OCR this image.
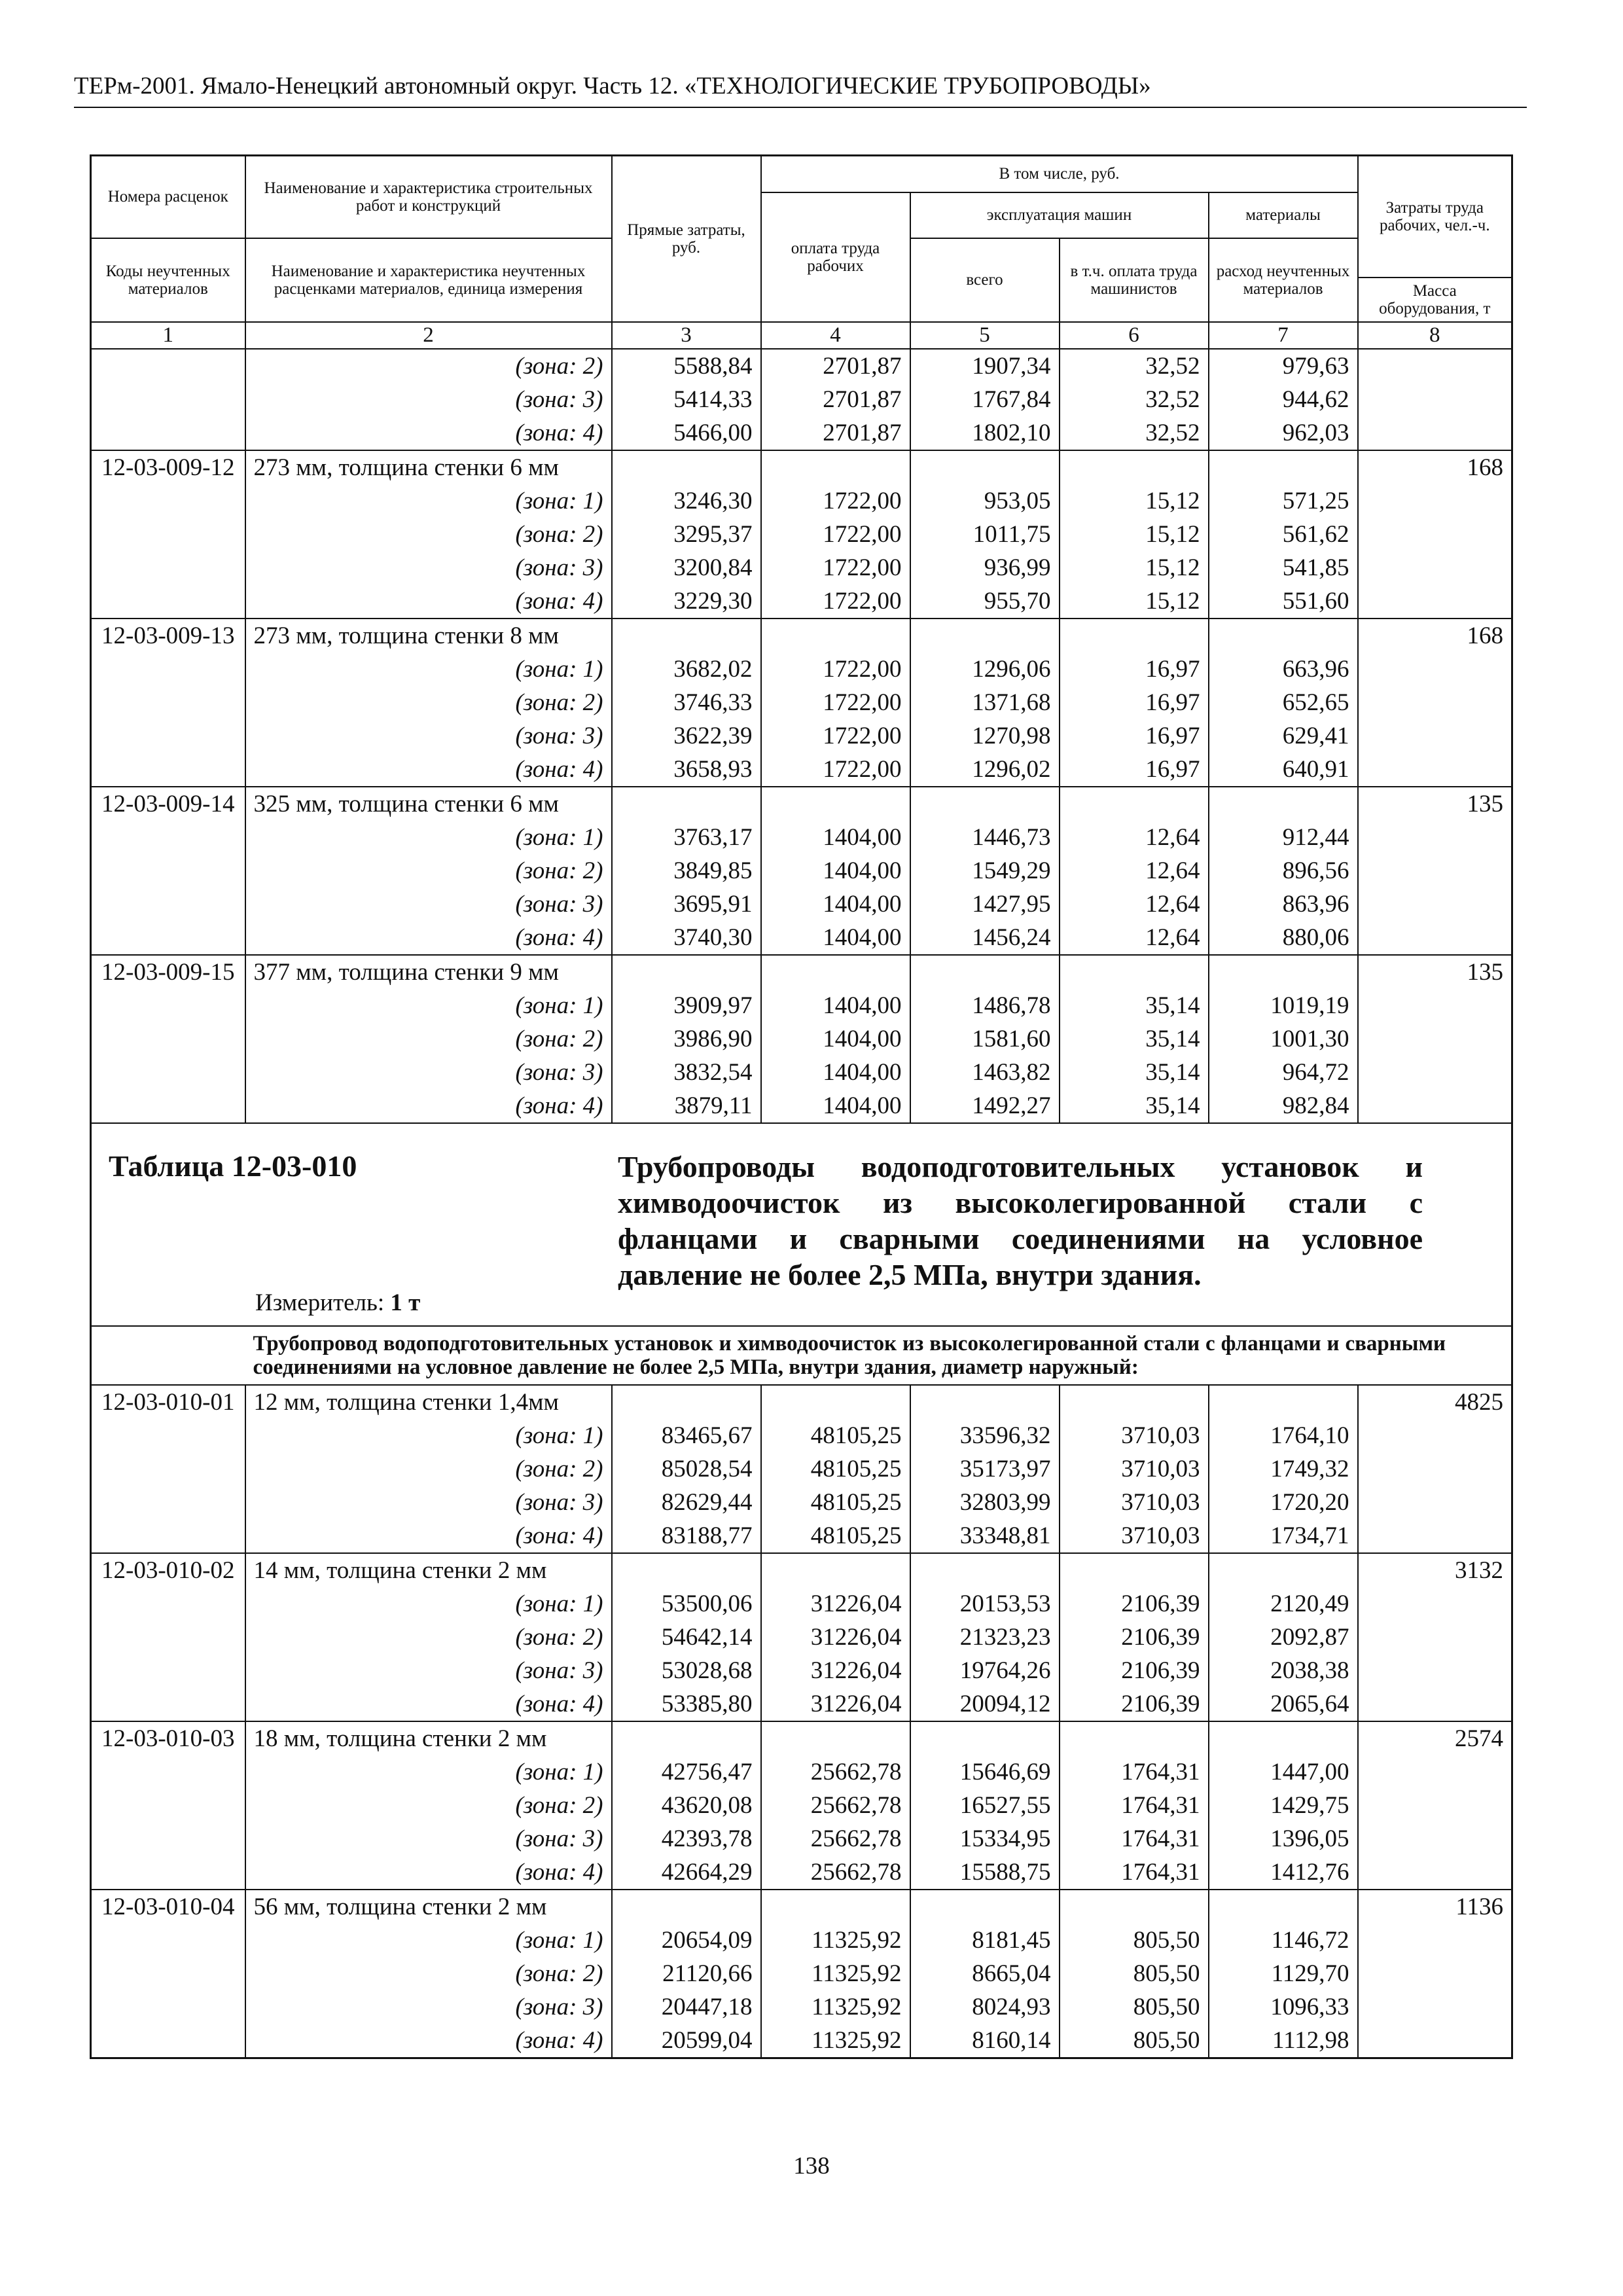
ТЕРм-2001. Ямало-Ненецкий автономный округ. Часть 12. «ТЕХНОЛОГИЧЕСКИЕ ТРУБОПРОВОДЫ»
Номера расценок	Наименование и характеристика строительных работ и конструкций	Прямые затраты, руб.	В том числе, руб.				Затраты труда рабочих, чел.-ч.
			оплата труда рабочих	эксплуатация машин		материалы	
Коды неучтенных материалов	Наименование и характеристика неучтенных расценками материалов, единица измерения			всего	в т.ч. оплата труда машинистов	расход неучтенных материалов	
							Масса оборудования, т
1	2	3	4	5	6	7	8
	(зона: 2)	5588,84	2701,87	1907,34	32,52	979,63	
	(зона: 3)	5414,33	2701,87	1767,84	32,52	944,62	
	(зона: 4)	5466,00	2701,87	1802,10	32,52	962,03	
12-03-009-12	273 мм, толщина стенки 6 мм						168
	(зона: 1)	3246,30	1722,00	953,05	15,12	571,25	
	(зона: 2)	3295,37	1722,00	1011,75	15,12	561,62	
	(зона: 3)	3200,84	1722,00	936,99	15,12	541,85	
	(зона: 4)	3229,30	1722,00	955,70	15,12	551,60	
12-03-009-13	273 мм, толщина стенки 8 мм						168
	(зона: 1)	3682,02	1722,00	1296,06	16,97	663,96	
	(зона: 2)	3746,33	1722,00	1371,68	16,97	652,65	
	(зона: 3)	3622,39	1722,00	1270,98	16,97	629,41	
	(зона: 4)	3658,93	1722,00	1296,02	16,97	640,91	
12-03-009-14	325 мм, толщина стенки 6 мм						135
	(зона: 1)	3763,17	1404,00	1446,73	12,64	912,44	
	(зона: 2)	3849,85	1404,00	1549,29	12,64	896,56	
	(зона: 3)	3695,91	1404,00	1427,95	12,64	863,96	
	(зона: 4)	3740,30	1404,00	1456,24	12,64	880,06	
12-03-009-15	377 мм, толщина стенки 9 мм						135
	(зона: 1)	3909,97	1404,00	1486,78	35,14	1019,19	
	(зона: 2)	3986,90	1404,00	1581,60	35,14	1001,30	
	(зона: 3)	3832,54	1404,00	1463,82	35,14	964,72	
	(зона: 4)	3879,11	1404,00	1492,27	35,14	982,84	

Таблица 12-03-010 Трубопроводы водоподготовительных установок и химводоочисток из высоколегированной стали с фланцами и сварными соединениями на условное давление не более 2,5 МПа, внутри здания.
Измеритель: 1 т							

	Трубопровод водоподготовительных установок и химводоочисток из высоколегированной стали с фланцами и сварными соединениями на условное давление не более 2,5 МПа, внутри здания, диаметр наружный:						
12-03-010-01	12 мм, толщина стенки 1,4мм						4825
	(зона: 1)	83465,67	48105,25	33596,32	3710,03	1764,10	
	(зона: 2)	85028,54	48105,25	35173,97	3710,03	1749,32	
	(зона: 3)	82629,44	48105,25	32803,99	3710,03	1720,20	
	(зона: 4)	83188,77	48105,25	33348,81	3710,03	1734,71	
12-03-010-02	14 мм, толщина стенки 2 мм						3132
	(зона: 1)	53500,06	31226,04	20153,53	2106,39	2120,49	
	(зона: 2)	54642,14	31226,04	21323,23	2106,39	2092,87	
	(зона: 3)	53028,68	31226,04	19764,26	2106,39	2038,38	
	(зона: 4)	53385,80	31226,04	20094,12	2106,39	2065,64	
12-03-010-03	18 мм, толщина стенки 2 мм						2574
	(зона: 1)	42756,47	25662,78	15646,69	1764,31	1447,00	
	(зона: 2)	43620,08	25662,78	16527,55	1764,31	1429,75	
	(зона: 3)	42393,78	25662,78	15334,95	1764,31	1396,05	
	(зона: 4)	42664,29	25662,78	15588,75	1764,31	1412,76	
12-03-010-04	56 мм, толщина стенки 2 мм						1136
	(зона: 1)	20654,09	11325,92	8181,45	805,50	1146,72	
	(зона: 2)	21120,66	11325,92	8665,04	805,50	1129,70	
	(зона: 3)	20447,18	11325,92	8024,93	805,50	1096,33	
	(зона: 4)	20599,04	11325,92	8160,14	805,50	1112,98	
138
